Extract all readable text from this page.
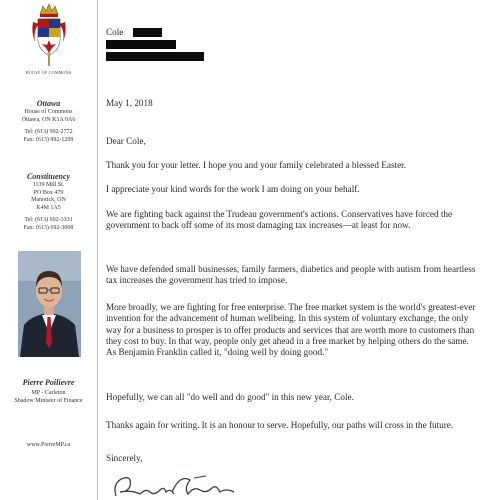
HOUSE OF COMMONS
Ottawa
House of Commons
Ottawa, ON K1A 0A6
Tel: (613) 992-2772
Fax: (613) 992-1209
Constituency
1139 Mill St.
PO Box 479
Manotick, ON
K4M 1A5
Tel: (613) 692-3331
Fax: (613) 692-3008
Pierre Poilievre
MP - Carleton
Shadow Minister of Finance
www.PierreMP.ca
Cole
May 1, 2018
Dear Cole,

Thank you for your letter. I hope you and your family celebrated a blessed Easter.

I appreciate your kind words for the work I am doing on your behalf.

We are fighting back against the Trudeau government's actions. Conservatives have forced the government to back off some of its most damaging tax increases—at least for now.

We have defended small businesses, family farmers, diabetics and people with autism from heartless tax increases the government has tried to impose.

More broadly, we are fighting for free enterprise. The free market system is the world's greatest-ever invention for the advancement of human wellbeing. In this system of voluntary exchange, the only way for a business to prosper is to offer products and services that are worth more to customers than they cost to buy. In that way, people only get ahead in a free market by helping others do the same. As Benjamin Franklin called it, "doing well by doing good."

Hopefully, we can all "do well and do good" in this new year, Cole.

Thanks again for writing. It is an honour to serve. Hopefully, our paths will cross in the future.

Sincerely,
